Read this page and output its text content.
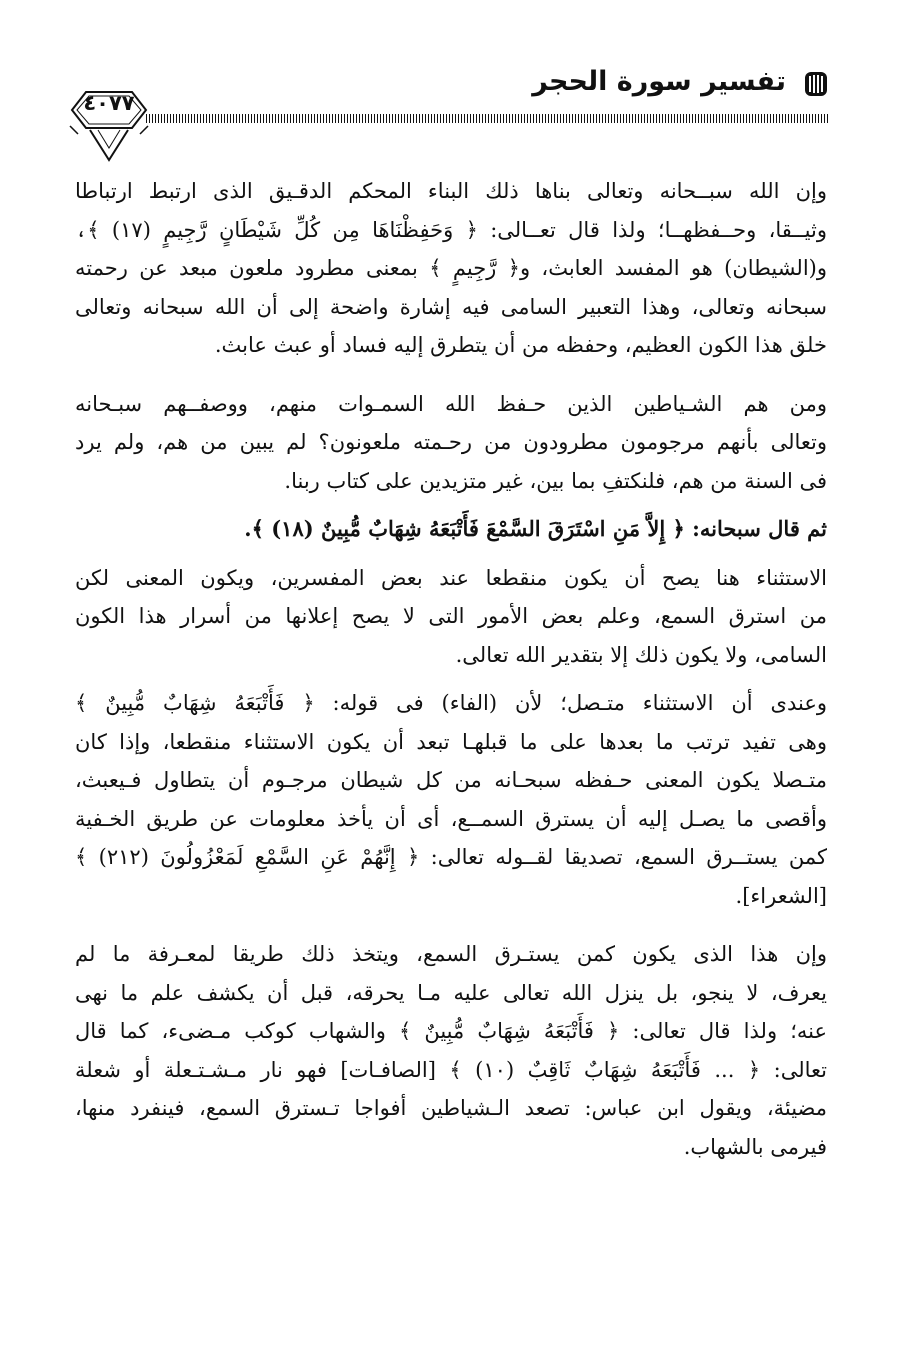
تفسير سورة الحجر
٤٠٧٧

وإن الله سبــحانه وتعالى بناها ذلك البناء المحكم الدقـيق الذى ارتبط ارتباطا
وثيــقا، وحــفظهــا؛ ولذا قال تعــالى: ﴿ وَحَفِظْنَاهَا مِن كُلِّ شَيْطَانٍ رَّجِيمٍ (١٧) ﴾،
و(الشيطان) هو المفسد العابث، و﴿ رَّجِيمٍ ﴾ بمعنى مطرود ملعون مبعد عن رحمته
سبحانه وتعالى، وهذا التعبير السامى فيه إشارة واضحة إلى أن الله سبحانه وتعالى
خلق هذا الكون العظيم، وحفظه من أن يتطرق إليه فساد أو عبث عابث.

ومن هم الشـياطين الذين حـفظ الله السمـوات منهم، ووصفــهم سبـحانه
وتعالى بأنهم مرجومون مطرودون من رحـمته ملعونون؟ لم يبين من هم، ولم يرد
فى السنة من هم، فلنكتفِ بما بين، غير متزيدين على كتاب ربنا.

ثم قال سبحانه: ﴿ إِلاَّ مَنِ اسْتَرَقَ السَّمْعَ فَأَتْبَعَهُ شِهَابٌ مُّبِينٌ (١٨) ﴾.

الاستثناء هنا يصح أن يكون منقطعا عند بعض المفسرين، ويكون المعنى لكن
من استرق السمع، وعلم بعض الأمور التى لا يصح إعلانها من أسرار هذا الكون
السامى، ولا يكون ذلك إلا بتقدير الله تعالى.

وعندى أن الاستثناء متـصل؛ لأن (الفاء) فى قوله: ﴿ فَأَتْبَعَهُ شِهَابٌ مُّبِينٌ ﴾
وهى تفيد ترتب ما بعدها على ما قبلهـا تبعد أن يكون الاستثناء منقطعا، وإذا كان
متـصلا يكون المعنى حـفظه سبحـانه من كل شيطان مرجـوم أن يتطاول فـيعبث،
وأقصى ما يصـل إليه أن يسترق السمــع، أى أن يأخذ معلومات عن طريق الخـفية
كمن يستــرق السمع، تصديقا لقــوله تعالى: ﴿ إِنَّهُمْ عَنِ السَّمْعِ لَمَعْزُولُونَ (٢١٢) ﴾
[الشعراء].

وإن هذا الذى يكون كمن يستـرق السمع، ويتخذ ذلك طريقا لمعـرفة ما لم
يعرف، لا ينجو، بل ينزل الله تعالى عليه مـا يحرقه، قبل أن يكشف علم ما نهى
عنه؛ ولذا قال تعالى: ﴿ فَأَتْبَعَهُ شِهَابٌ مُّبِينٌ ﴾ والشهاب كوكب مـضىء، كما قال
تعالى: ﴿ ... فَأَتْبَعَهُ شِهَابٌ ثَاقِبٌ (١٠) ﴾ [الصافـات] فهو نار مـشـتـعلة أو شعلة
مضيئة، ويقول ابن عباس: تصعد الـشياطين أفواجا تـسترق السمع، فينفرد منها،
فيرمى بالشهاب.
